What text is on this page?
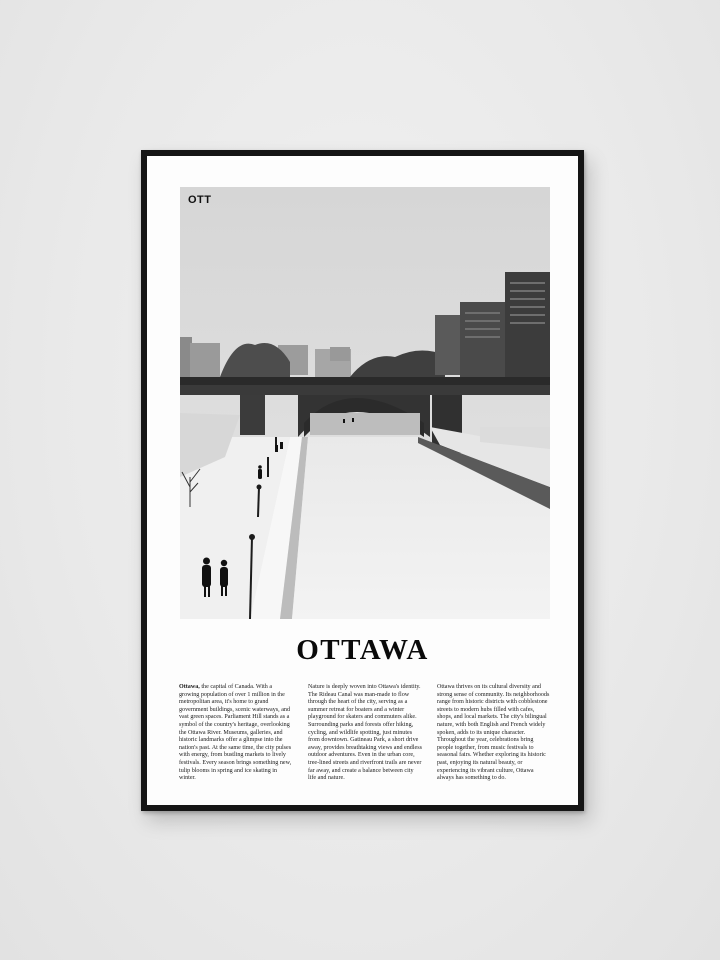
OTT
OTTAWA
Ottawa, the capital of Canada. With a growing population of over 1 million in the metropolitan area, it's home to grand government buildings, scenic waterways, and vast green spaces. Parliament Hill stands as a symbol of the country's heritage, overlooking the Ottawa River. Museums, galleries, and historic landmarks offer a glimpse into the nation's past. At the same time, the city pulses with energy, from bustling markets to lively festivals. Every season brings something new, tulip blooms in spring and ice skating in winter.
Nature is deeply woven into Ottawa's identity. The Rideau Canal was man-made to flow through the heart of the city, serving as a summer retreat for boaters and a winter playground for skaters and commuters alike. Surrounding parks and forests offer hiking, cycling, and wildlife spotting, just minutes from downtown. Gatineau Park, a short drive away, provides breathtaking views and endless outdoor adventures. Even in the urban core, tree-lined streets and riverfront trails are never far away, and create a balance between city life and nature.
Ottawa thrives on its cultural diversity and strong sense of community. Its neighborhoods range from historic districts with cobblestone streets to modern hubs filled with cafes, shops, and local markets. The city's bilingual nature, with both English and French widely spoken, adds to its unique character. Throughout the year, celebrations bring people together, from music festivals to seasonal fairs. Whether exploring its historic past, enjoying its natural beauty, or experiencing its vibrant culture, Ottawa always has something to do.
